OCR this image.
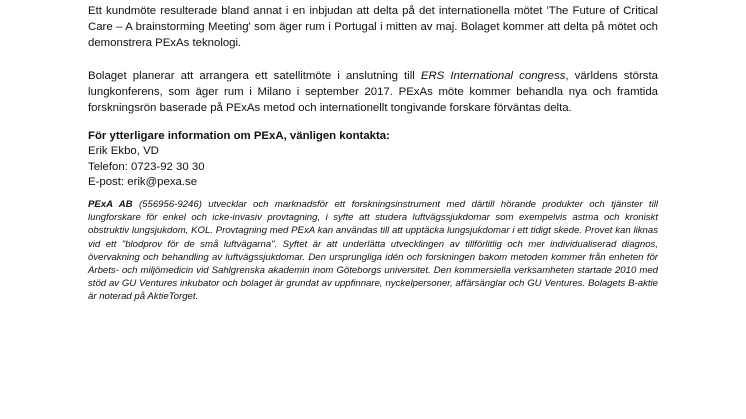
Ett kundmöte resulterade bland annat i en inbjudan att delta på det internationella mötet 'The Future of Critical Care – A brainstorming Meeting' som äger rum i Portugal i mitten av maj. Bolaget kommer att delta på mötet och demonstrera PExAs teknologi.

Bolaget planerar att arrangera ett satellitmöte i anslutning till ERS International congress, världens största lungkonferens, som äger rum i Milano i september 2017. PExAs möte kommer behandla nya och framtida forskningsrön baserade på PExAs metod och internationellt tongivande forskare förväntas delta.

För ytterligare information om PExA, vänligen kontakta:
Erik Ekbo, VD
Telefon: 0723-92 30 30
E-post: erik@pexa.se

PExA AB (556956-9246) utvecklar och marknadsför ett forskningsinstrument med därtill hörande produkter och tjänster till lungforskare för enkel och icke-invasiv provtagning, i syfte att studera luftvägssjukdomar som exempelvis astma och kroniskt obstruktiv lungsjukdom, KOL. Provtagning med PExA kan användas till att upptäcka lungsjukdomar i ett tidigt skede. Provet kan liknas vid ett "blodprov för de små luftvägarna". Syftet är att underlätta utvecklingen av tillförlitlig och mer individualiserad diagnos, övervakning och behandling av luftvägssjukdomar. Den ursprungliga idén och forskningen bakom metoden kommer från enheten för Arbets- och miljömedicin vid Sahlgrenska akademin inom Göteborgs universitet. Den kommersiella verksamheten startade 2010 med stöd av GU Ventures inkubator och bolaget är grundat av uppfinnare, nyckelpersoner, affärsänglar och GU Ventures. Bolagets B-aktie är noterad på AktieTorget.
